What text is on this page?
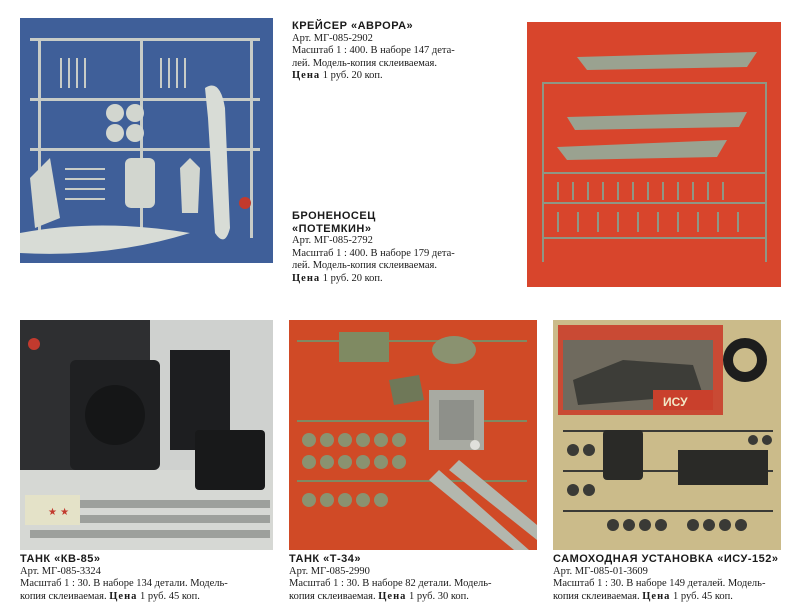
КРЕЙСЕР «АВРОРА»
Арт. МГ-085-2902
Масштаб 1 : 400. В наборе 147 дета-
лей. Модель-копия склеиваемая.
Цена 1 руб. 20 коп.
БРОНЕНОСЕЦ
«ПОТЕМКИН»
Арт. МГ-085-2792
Масштаб 1 : 400. В наборе 179 дета-
лей. Модель-копия склеиваемая.
Цена 1 руб. 20 коп.
★ ★
ТАНК «КВ-85»
Арт. МГ-085-3324
Масштаб 1 : 30. В наборе 134 детали. Модель-
копия склеиваемая. Цена 1 руб. 45 коп.
ТАНК «Т-34»
Арт. МГ-085-2990
Масштаб 1 : 30. В наборе 82 детали. Модель-
копия склеиваемая. Цена 1 руб. 30 коп.
ИСУ
САМОХОДНАЯ УСТАНОВКА «ИСУ-152»
Арт. МГ-085-01-3609
Масштаб 1 : 30. В наборе 149 деталей. Модель-
копия склеиваемая. Цена 1 руб. 45 коп.
